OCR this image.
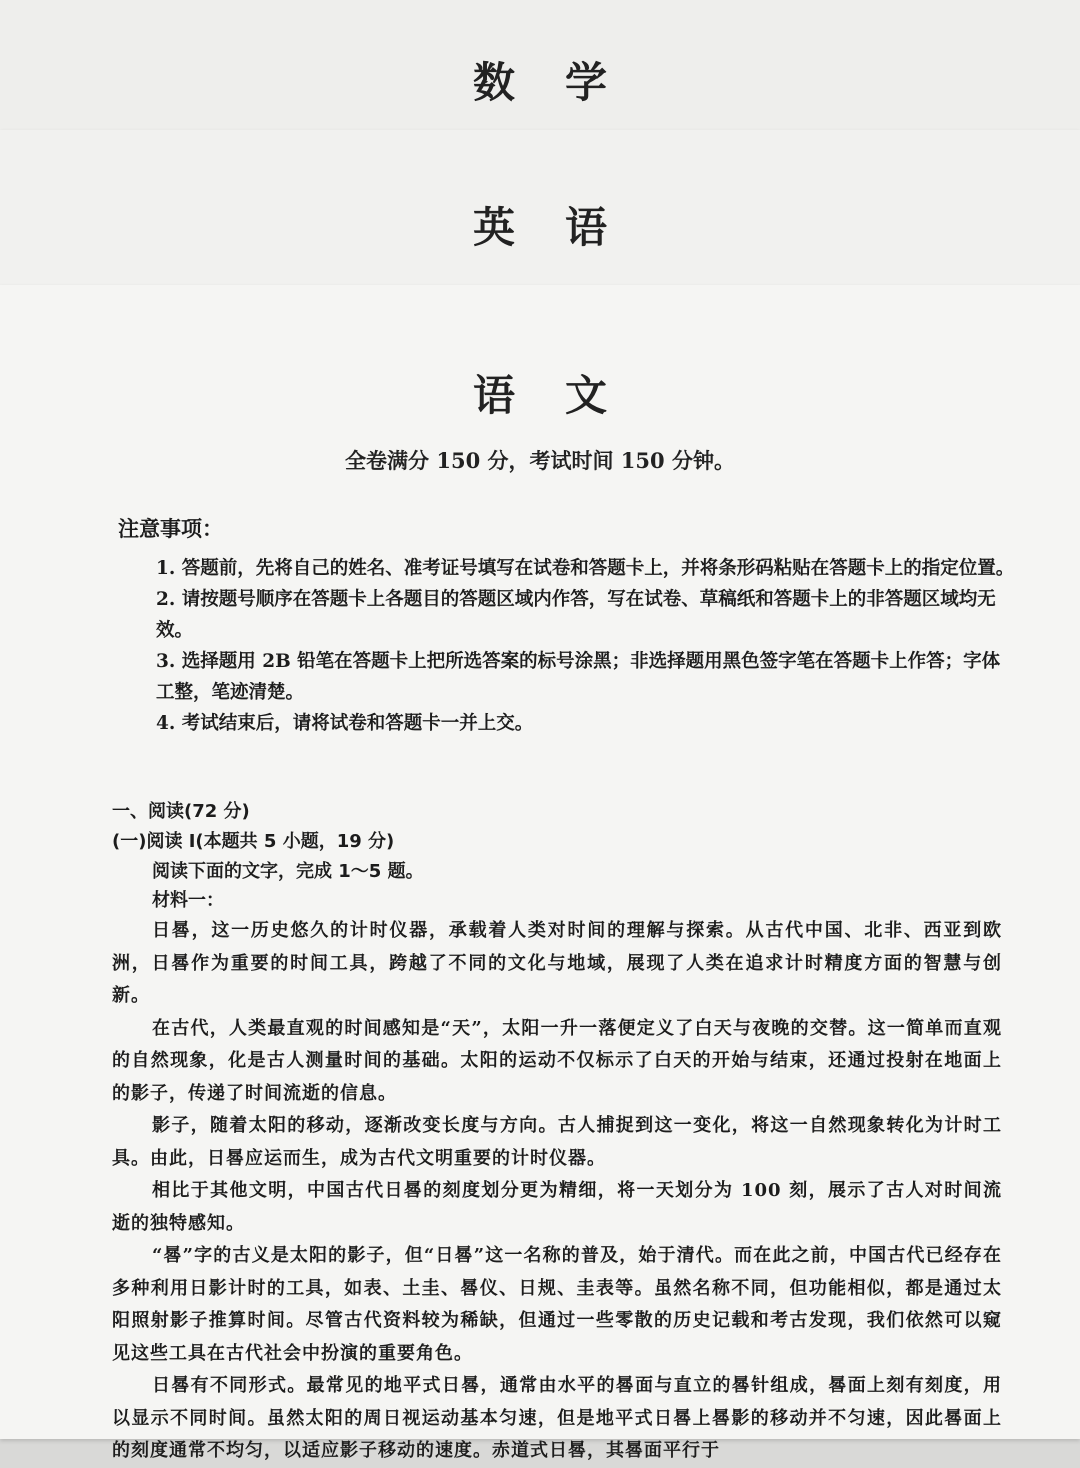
数学
英语
语文
全卷满分 150 分，考试时间 150 分钟。
注意事项：
1. 答题前，先将自己的姓名、准考证号填写在试卷和答题卡上，并将条形码粘贴在答题卡上的指定位置。
2. 请按题号顺序在答题卡上各题目的答题区域内作答，写在试卷、草稿纸和答题卡上的非答题区域均无效。
3. 选择题用 2B 铅笔在答题卡上把所选答案的标号涂黑；非选择题用黑色签字笔在答题卡上作答；字体工整，笔迹清楚。
4. 考试结束后，请将试卷和答题卡一并上交。
一、阅读(72 分)
(一)阅读 I(本题共 5 小题，19 分)
阅读下面的文字，完成 1～5 题。
材料一：

日晷，这一历史悠久的计时仪器，承载着人类对时间的理解与探索。从古代中国、北非、西亚到欧洲，日晷作为重要的时间工具，跨越了不同的文化与地域，展现了人类在追求计时精度方面的智慧与创新。

在古代，人类最直观的时间感知是“天”，太阳一升一落便定义了白天与夜晚的交替。这一简单而直观的自然现象，化是古人测量时间的基础。太阳的运动不仅标示了白天的开始与结束，还通过投射在地面上的影子，传递了时间流逝的信息。

影子，随着太阳的移动，逐渐改变长度与方向。古人捕捉到这一变化，将这一自然现象转化为计时工具。由此，日晷应运而生，成为古代文明重要的计时仪器。

相比于其他文明，中国古代日晷的刻度划分更为精细，将一天划分为 100 刻，展示了古人对时间流逝的独特感知。

“晷”字的古义是太阳的影子，但“日晷”这一名称的普及，始于清代。而在此之前，中国古代已经存在多种利用日影计时的工具，如表、土圭、晷仪、日规、圭表等。虽然名称不同，但功能相似，都是通过太阳照射影子推算时间。尽管古代资料较为稀缺，但通过一些零散的历史记载和考古发现，我们依然可以窥见这些工具在古代社会中扮演的重要角色。

日晷有不同形式。最常见的地平式日晷，通常由水平的晷面与直立的晷针组成，晷面上刻有刻度，用以显示不同时间。虽然太阳的周日视运动基本匀速，但是地平式日晷上晷影的移动并不匀速，因此晷面上的刻度通常不均匀，以适应影子移动的速度。赤道式日晷，其晷面平行于
